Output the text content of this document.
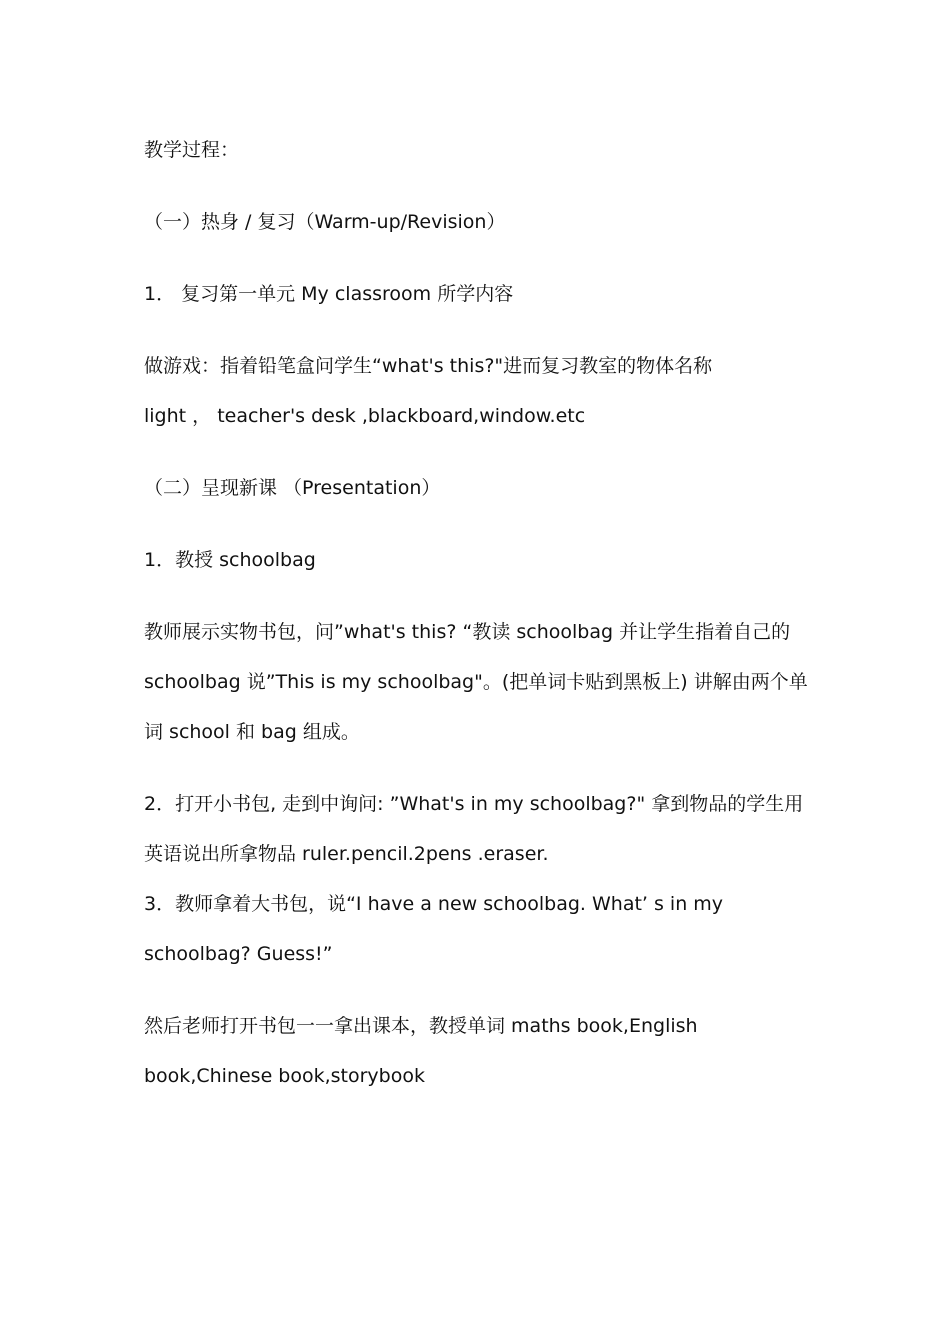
教学过程：
（一）热身 / 复习（Warm-up/Revision）
1． 复习第一单元 My classroom 所学内容
做游戏：指着铅笔盒问学生“what's this?"进而复习教室的物体名称
light ， teacher's desk ,blackboard,window.etc
（二）呈现新课 （Presentation）
1．教授 schoolbag
教师展示实物书包，问”what's this? “教读 schoolbag 并让学生指着自己的
schoolbag 说”This is my schoolbag"。(把单词卡贴到黑板上) 讲解由两个单
词 school 和 bag 组成。
2．打开小书包, 走到中询问: ”What's in my schoolbag?" 拿到物品的学生用
英语说出所拿物品 ruler.pencil.2pens .eraser.
3．教师拿着大书包，说“I have a new schoolbag. What’ s in my
schoolbag? Guess!”
然后老师打开书包一一拿出课本，教授单词 maths book,English
book,Chinese book,storybook
